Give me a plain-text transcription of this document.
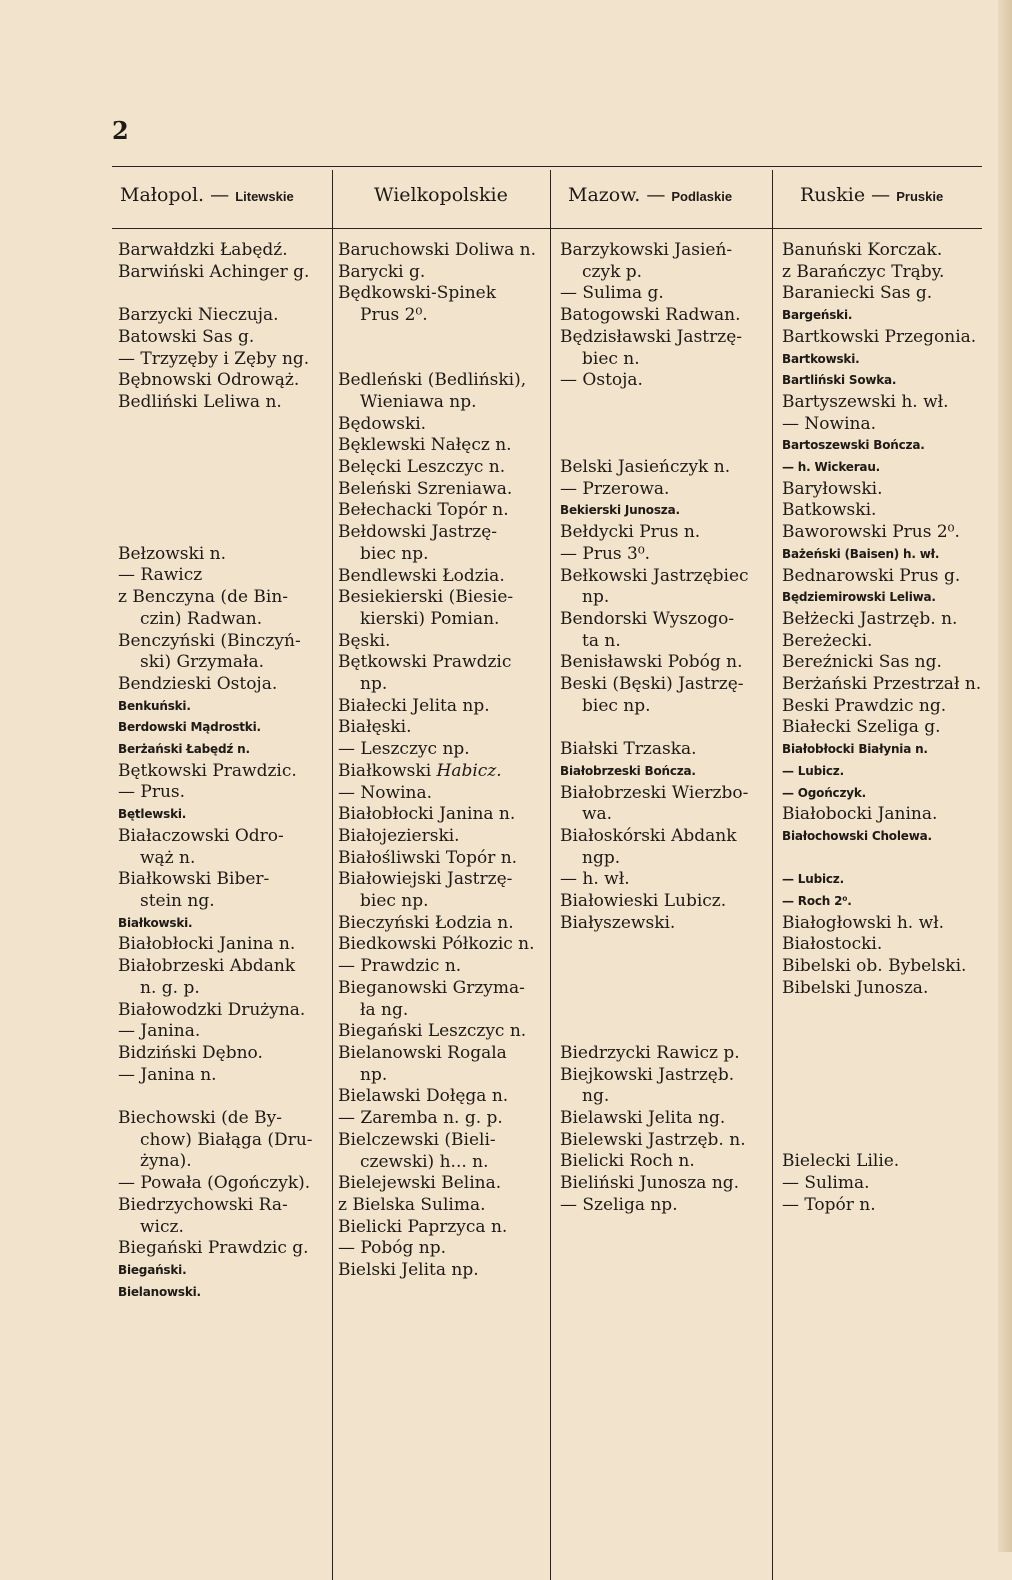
2
Małopol. — Litewskie	Wielkopolskie	Mazow. — Podlaskie	Ruskie — Pruskie
Barwałdzki Łabędź.
Barwiński Achinger g.
Barzycki Nieczuja.
Batowski Sas g.
— Trzyzęby i Zęby ng.
Bębnowski Odrowąż.
Bedliński Leliwa n.
Bełzowski n.
— Rawicz
z Benczyna (de Bin-
czin) Radwan.
Benczyński (Binczyń-
ski) Grzymała.
Bendzieski Ostoja.
Benkuński.
Berdowski Mądrostki.
Berżański Łabędź n.
Bętkowski Prawdzic.
— Prus.
Bętlewski.
Białaczowski Odro-
wąż n.
Białkowski Biber-
stein ng.
Białkowski.
Białobłocki Janina n.
Białobrzeski Abdank
n. g. p.
Białowodzki Drużyna.
— Janina.
Bidziński Dębno.
— Janina n.
Biechowski (de By-
chow) Białąga (Dru-
żyna).
— Powała (Ogończyk).
Biedrzychowski Ra-
wicz.
Biegański Prawdzic g.
Biegański.
Bielanowski.
Baruchowski Doliwa n.
Barycki g.
Będkowski-Spinek
Prus 2⁰.
Bedleński (Bedliński),
Wieniawa np.
Będowski.
Bęklewski Nałęcz n.
Belęcki Leszczyc n.
Beleński Szreniawa.
Bełechacki Topór n.
Bełdowski Jastrzę-
biec np.
Bendlewski Łodzia.
Besiekierski (Biesie-
kierski) Pomian.
Bęski.
Bętkowski Prawdzic
np.
Białecki Jelita np.
Białęski.
— Leszczyc np.
Białkowski Habicz.
— Nowina.
Białobłocki Janina n.
Białojezierski.
Białośliwski Topór n.
Białowiejski Jastrzę-
biec np.
Bieczyński Łodzia n.
Biedkowski Półkozic n.
— Prawdzic n.
Bieganowski Grzyma-
ła ng.
Biegański Leszczyc n.
Bielanowski Rogala
np.
Bielawski Dołęga n.
— Zaremba n. g. p.
Bielczewski (Bieli-
czewski) h... n.
Bielejewski Belina.
z Bielska Sulima.
Bielicki Paprzyca n.
— Pobóg np.
Bielski Jelita np.
Barzykowski Jasień-
czyk p.
— Sulima g.
Batogowski Radwan.
Będzisławski Jastrzę-
biec n.
— Ostoja.
Belski Jasieńczyk n.
— Przerowa.
Bekierski Junosza.
Bełdycki Prus n.
— Prus 3⁰.
Bełkowski Jastrzębiec
np.
Bendorski Wyszogo-
ta n.
Benisławski Pobóg n.
Beski (Bęski) Jastrzę-
biec np.
Białski Trzaska.
Białobrzeski Bończa.
Białobrzeski Wierzbo-
wa.
Białoskórski Abdank
ngp.
— h. wł.
Białowieski Lubicz.
Białyszewski.
Biedrzycki Rawicz p.
Biejkowski Jastrzęb.
ng.
Bielawski Jelita ng.
Bielewski Jastrzęb. n.
Bielicki Roch n.
Bieliński Junosza ng.
— Szeliga np.
Banuński Korczak.
z Barańczyc Trąby.
Baraniecki Sas g.
Bargeński.
Bartkowski Przegonia.
Bartkowski.
Bartliński Sowka.
Bartyszewski h. wł.
— Nowina.
Bartoszewski Bończa.
— h. Wickerau.
Baryłowski.
Batkowski.
Baworowski Prus 2⁰.
Bażeński (Baisen) h. wł.
Bednarowski Prus g.
Będziemirowski Leliwa.
Bełżecki Jastrzęb. n.
Bereżecki.
Bereźnicki Sas ng.
Berżański Przestrzał n.
Beski Prawdzic ng.
Białecki Szeliga g.
Białobłocki Białynia n.
— Lubicz.
— Ogończyk.
Białobocki Janina.
Białochowski Cholewa.
— Lubicz.
— Roch 2⁰.
Białogłowski h. wł.
Białostocki.
Bibelski ob. Bybelski.
Bibelski Junosza.
Bielecki Lilie.
— Sulima.
— Topór n.
